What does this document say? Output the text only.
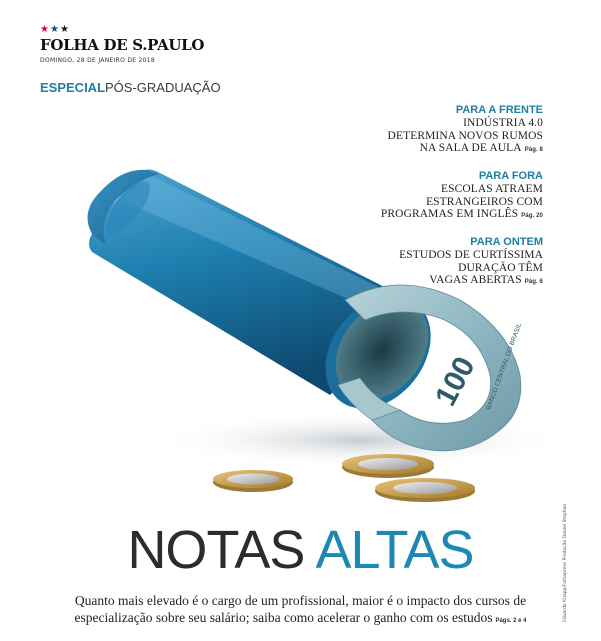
★★★
FOLHA DE S.PAULO
DOMINGO, 28 DE JANEIRO DE 2018
ESPECIALPÓS-GRADUAÇÃO
100 BANCO CENTRAL DO BRASIL
PARA A FRENTE
INDÚSTRIA 4.0
DETERMINA NOVOS RUMOS
NA SALA DE AULA Pág. 8
PARA FORA
ESCOLAS ATRAEM
ESTRANGEIROS COM
PROGRAMAS EM INGLÊS Pág. 20
PARA ONTEM
ESTUDOS DE CURTÍSSIMA
DURAÇÃO TÊM
VAGAS ABERTAS Pág. 6
NOTAS ALTAS
Quanto mais elevado é o cargo de um profissional, maior é o impacto dos cursos de
especialização sobre seu salário; saiba como acelerar o ganho com os estudos Págs. 2 e 4	Eduardo Knapp/Folhapress Produção Daniel Stephan
